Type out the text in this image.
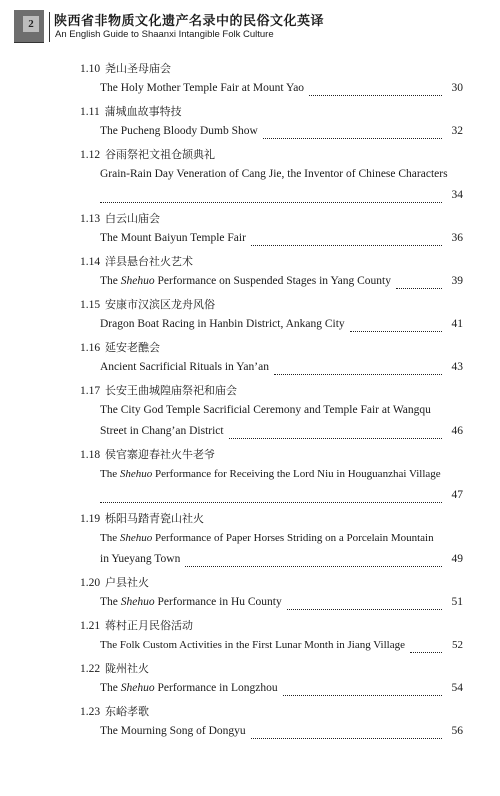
2	陕西省非物质文化遗产名录中的民俗文化英译
An English Guide to Shaanxi Intangible Folk Culture
1.10 尧山圣母庙会
The Holy Mother Temple Fair at Mount Yao	30
1.11 蒲城血故事特技
The Pucheng Bloody Dumb Show	32
1.12 谷雨祭祀文祖仓颉典礼
Grain-Rain Day Veneration of Cang Jie, the Inventor of Chinese Characters
34
1.13 白云山庙会
The Mount Baiyun Temple Fair	36
1.14 洋县悬台社火艺术
The Shehuo Performance on Suspended Stages in Yang County	39
1.15 安康市汉滨区龙舟风俗
Dragon Boat Racing in Hanbin District, Ankang City	41
1.16 延安老醮会
Ancient Sacrificial Rituals in Yan’an	43
1.17 长安王曲城隍庙祭祀和庙会
The City God Temple Sacrificial Ceremony and Temple Fair at Wangqu
Street in Chang’an District	46
1.18 侯官寨迎春社火牛老爷
The Shehuo Performance for Receiving the Lord Niu in Houguanzhai Village
47
1.19 栎阳马踏青瓷山社火
The Shehuo Performance of Paper Horses Striding on a Porcelain Mountain
in Yueyang Town	49
1.20 户县社火
The Shehuo Performance in Hu County	51
1.21 蒋村正月民俗活动
The Folk Custom Activities in the First Lunar Month in Jiang Village	52
1.22 陇州社火
The Shehuo Performance in Longzhou	54
1.23 东峪孝歌
The Mourning Song of Dongyu	56
